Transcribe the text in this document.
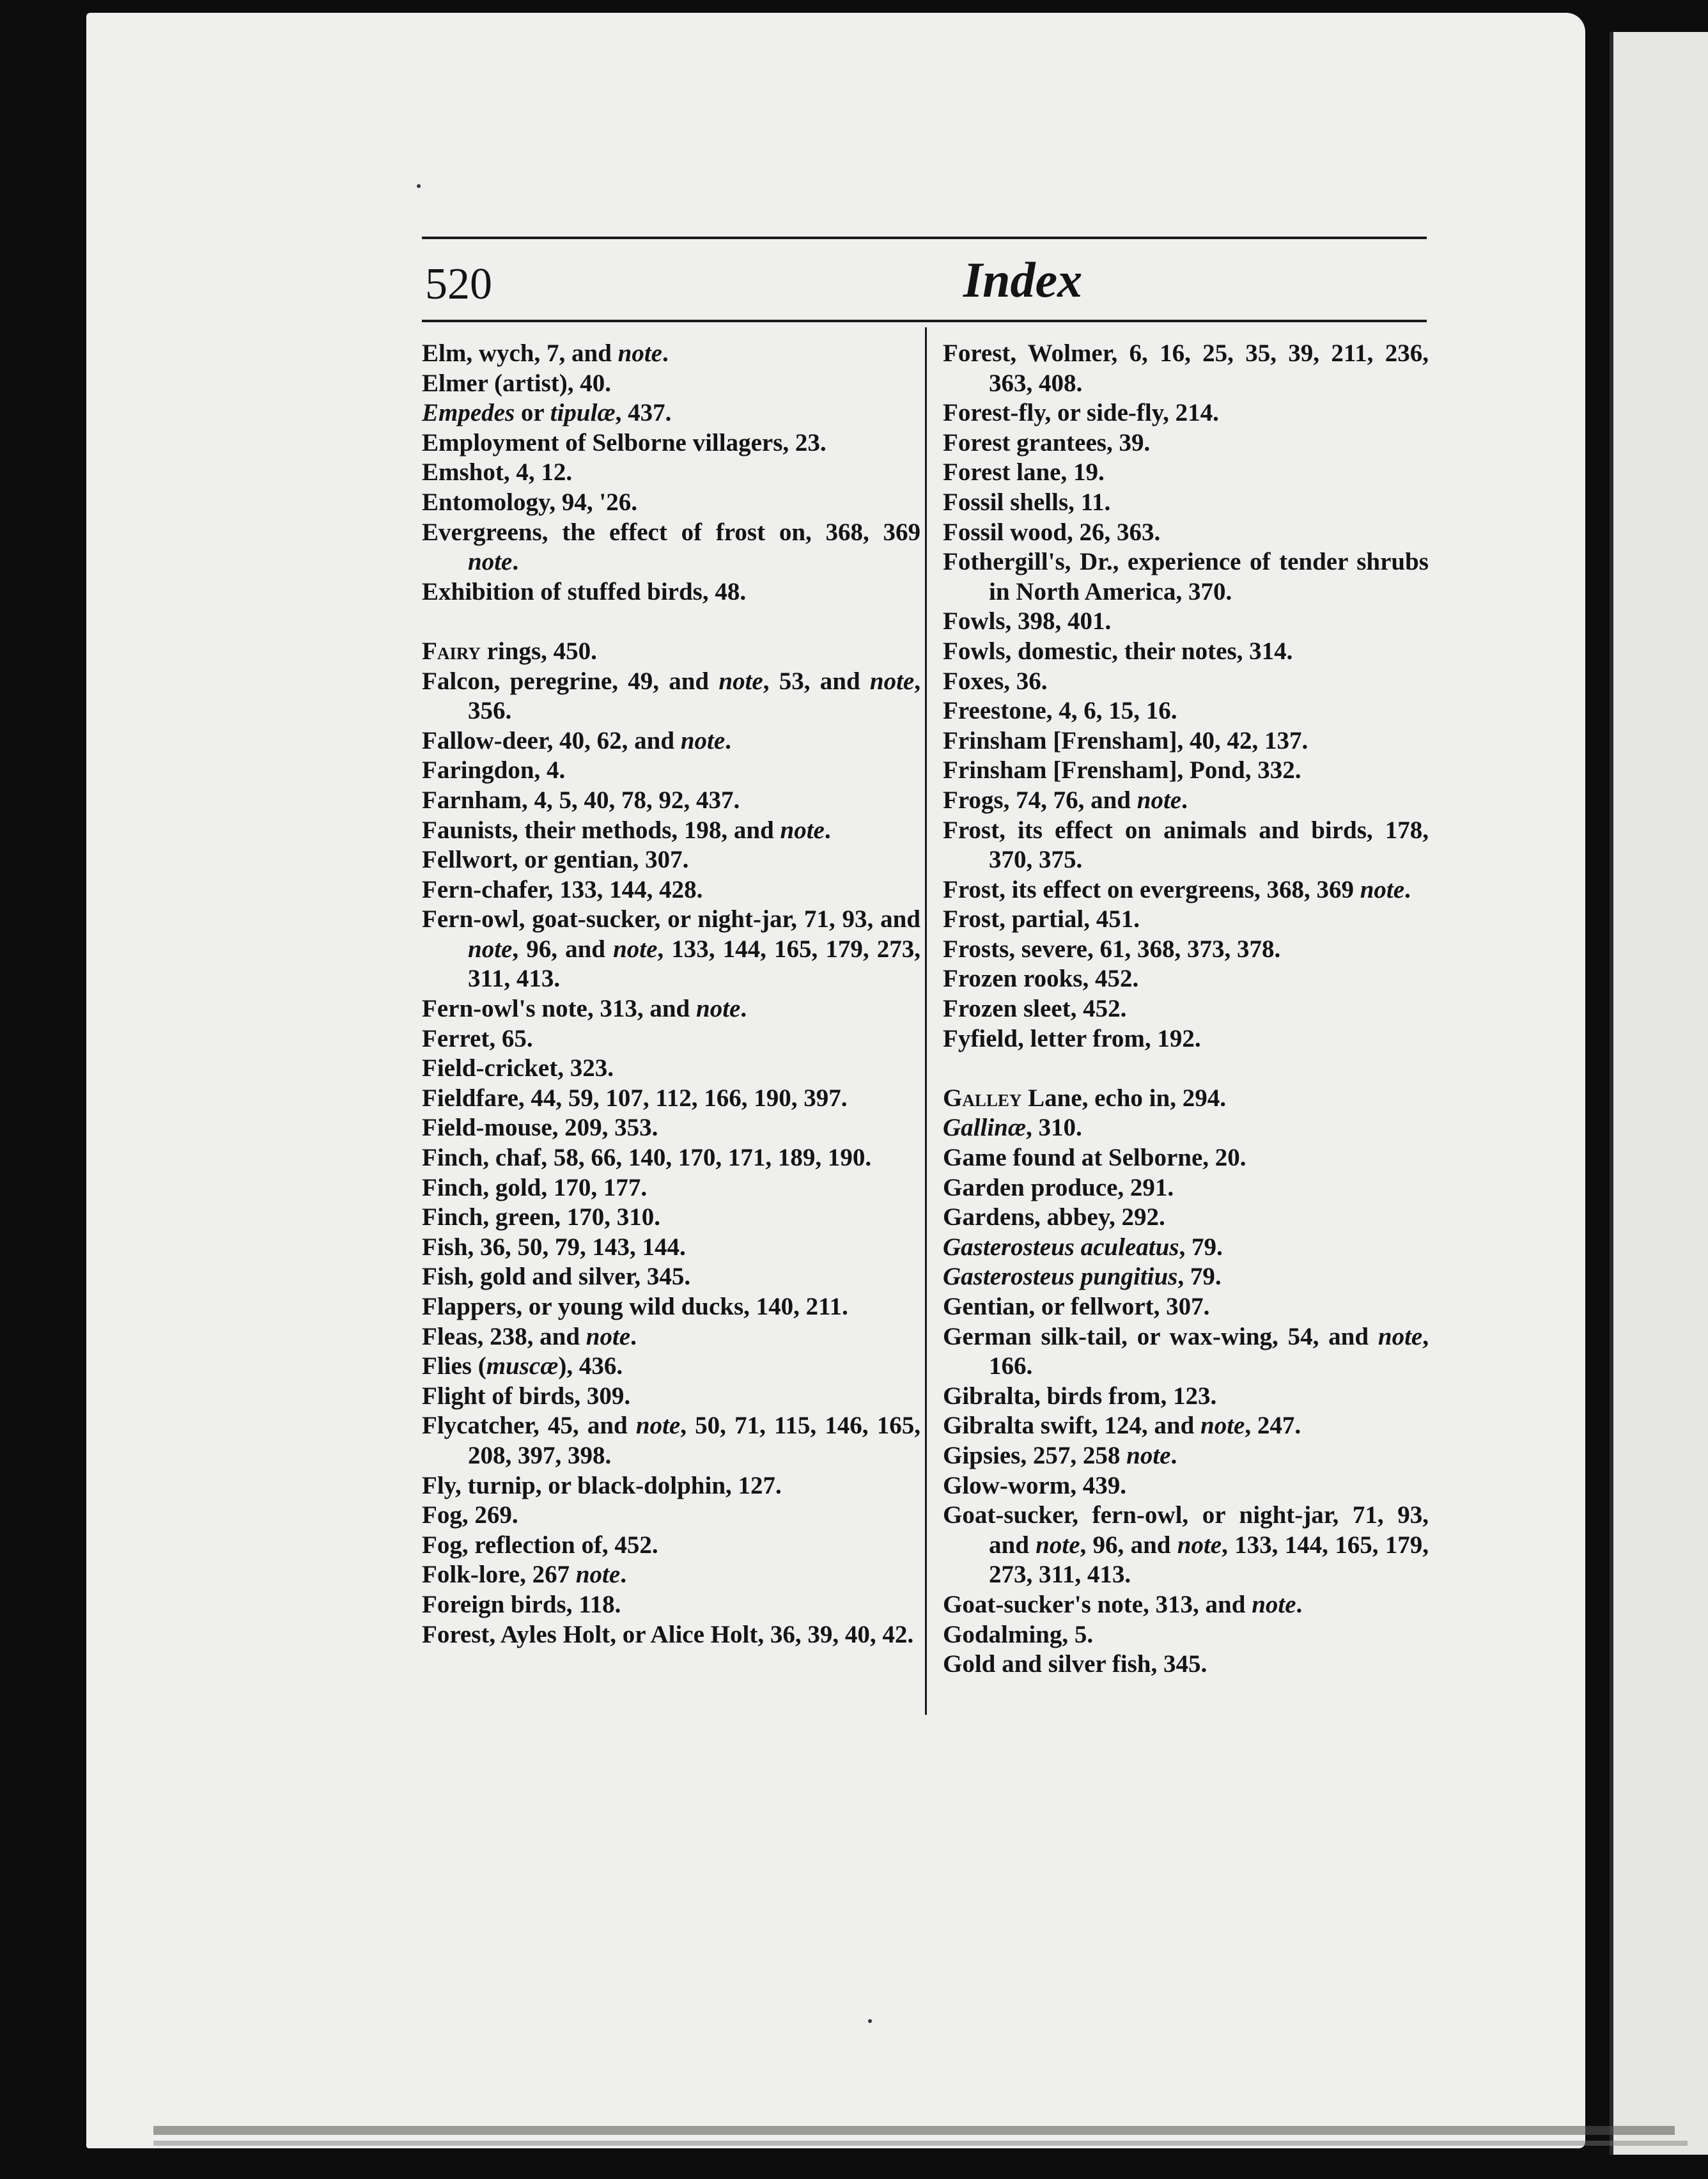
520	Index
Elm, wych, 7, and note.
Elmer (artist), 40.
Empedes or tipulæ, 437.
Employment of Selborne villagers, 23.
Emshot, 4, 12.
Entomology, 94, '26.
Evergreens, the effect of frost on, 368, 369 note.
Exhibition of stuffed birds, 48.
Fairy rings, 450.
Falcon, peregrine, 49, and note, 53, and note, 356.
Fallow-deer, 40, 62, and note.
Faringdon, 4.
Farnham, 4, 5, 40, 78, 92, 437.
Faunists, their methods, 198, and note.
Fellwort, or gentian, 307.
Fern-chafer, 133, 144, 428.
Fern-owl, goat-sucker, or night-jar, 71, 93, and note, 96, and note, 133, 144, 165, 179, 273, 311, 413.
Fern-owl's note, 313, and note.
Ferret, 65.
Field-cricket, 323.
Fieldfare, 44, 59, 107, 112, 166, 190, 397.
Field-mouse, 209, 353.
Finch, chaf, 58, 66, 140, 170, 171, 189, 190.
Finch, gold, 170, 177.
Finch, green, 170, 310.
Fish, 36, 50, 79, 143, 144.
Fish, gold and silver, 345.
Flappers, or young wild ducks, 140, 211.
Fleas, 238, and note.
Flies (muscæ), 436.
Flight of birds, 309.
Flycatcher, 45, and note, 50, 71, 115, 146, 165, 208, 397, 398.
Fly, turnip, or black-dolphin, 127.
Fog, 269.
Fog, reflection of, 452.
Folk-lore, 267 note.
Foreign birds, 118.
Forest, Ayles Holt, or Alice Holt, 36, 39, 40, 42.
Forest, Wolmer, 6, 16, 25, 35, 39, 211, 236, 363, 408.
Forest-fly, or side-fly, 214.
Forest grantees, 39.
Forest lane, 19.
Fossil shells, 11.
Fossil wood, 26, 363.
Fothergill's, Dr., experience of tender shrubs in North America, 370.
Fowls, 398, 401.
Fowls, domestic, their notes, 314.
Foxes, 36.
Freestone, 4, 6, 15, 16.
Frinsham [Frensham], 40, 42, 137.
Frinsham [Frensham], Pond, 332.
Frogs, 74, 76, and note.
Frost, its effect on animals and birds, 178, 370, 375.
Frost, its effect on evergreens, 368, 369 note.
Frost, partial, 451.
Frosts, severe, 61, 368, 373, 378.
Frozen rooks, 452.
Frozen sleet, 452.
Fyfield, letter from, 192.
Galley Lane, echo in, 294.
Gallinæ, 310.
Game found at Selborne, 20.
Garden produce, 291.
Gardens, abbey, 292.
Gasterosteus aculeatus, 79.
Gasterosteus pungitius, 79.
Gentian, or fellwort, 307.
German silk-tail, or wax-wing, 54, and note, 166.
Gibralta, birds from, 123.
Gibralta swift, 124, and note, 247.
Gipsies, 257, 258 note.
Glow-worm, 439.
Goat-sucker, fern-owl, or night-jar, 71, 93, and note, 96, and note, 133, 144, 165, 179, 273, 311, 413.
Goat-sucker's note, 313, and note.
Godalming, 5.
Gold and silver fish, 345.
